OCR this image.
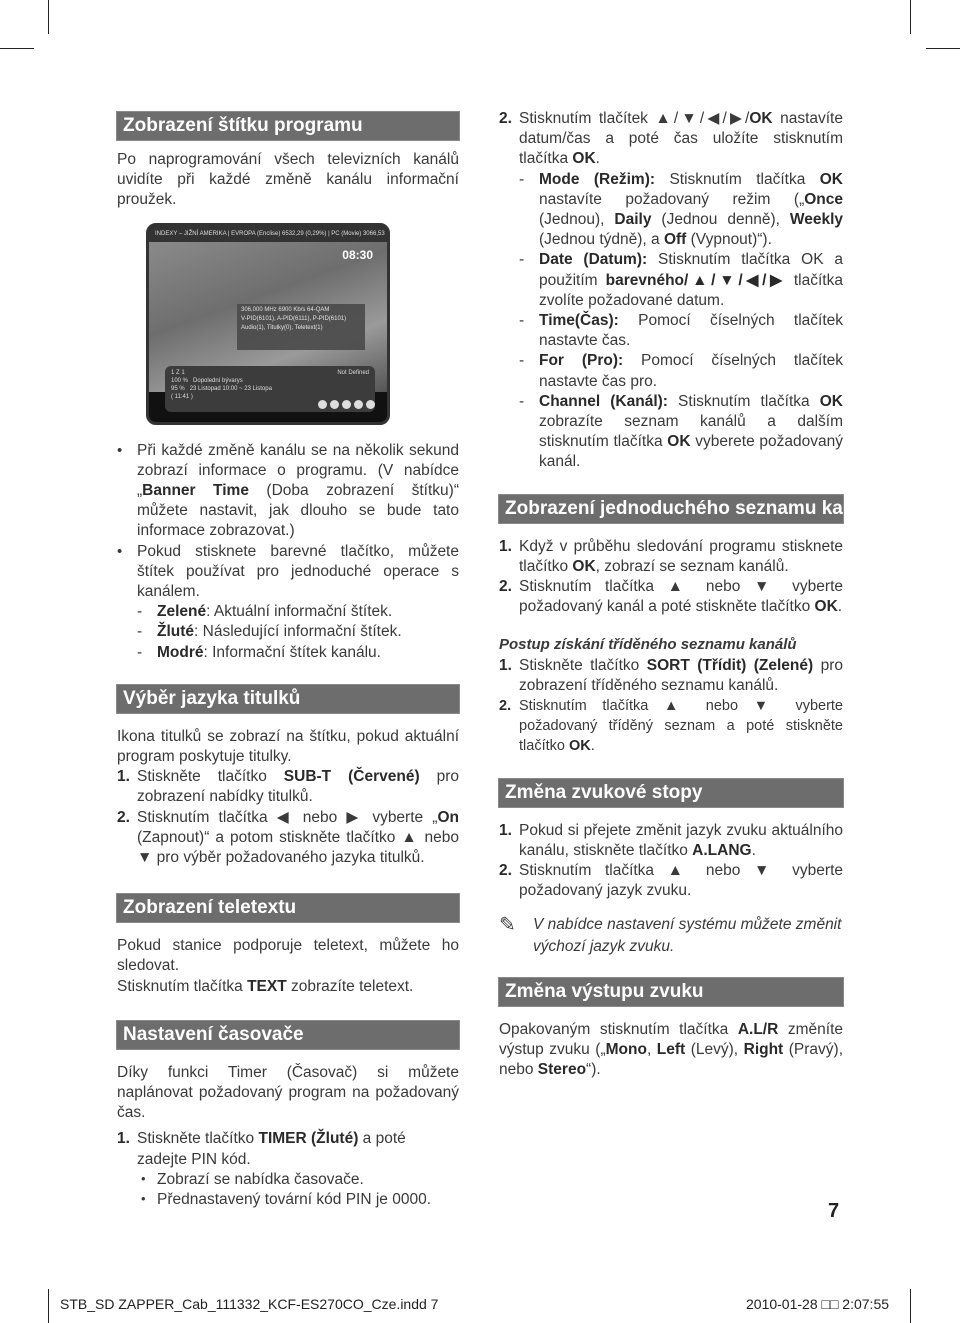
Zobrazení štítku programu

Po naprogramování všech televizních kanálů uvidíte při každé změně kanálu informační proužek.

INDEXY – JIŽNÍ AMERIKA | EVROPA (Enclise) 6532,29 (0,29%) | PC (Movie) 3066,53
08:30
306,000 MHz 6900 Kb/s 64-QAM
V-PID(6101), A-PID(6111), P-PID(6101)
Audio(1), Titulky(0), Teletext(1)
1 Z 1	Not Defined
100 % Dopolední bývarys
95 % 23 Listopad 10:00 ~ 23 Listopa
( 11:41 )

• Při každé změně kanálu se na několik sekund zobrazí informace o programu. (V nabídce „Banner Time (Doba zobrazení štítku)“ můžete nastavit, jak dlouho se bude tato informace zobrazovat.)

• Pokud stisknete barevné tlačítko, můžete štítek používat pro jednoduché operace s kanálem.

- Zelené: Aktuální informační štítek.

- Žluté: Následující informační štítek.

- Modré: Informační štítek kanálu.

Výběr jazyka titulků

Ikona titulků se zobrazí na štítku, pokud aktuální program poskytuje titulky.

1. Stiskněte tlačítko SUB-T (Červené) pro zobrazení nabídky titulků.

2. Stisknutím tlačítka ◀ nebo ▶ vyberte „On (Zapnout)“ a potom stiskněte tlačítko ▲ nebo ▼ pro výběr požadovaného jazyka titulků.

Zobrazení teletextu

Pokud stanice podporuje teletext, můžete ho sledovat.

Stisknutím tlačítka TEXT zobrazíte teletext.

Nastavení časovače

Díky funkci Timer (Časovač) si můžete naplánovat požadovaný program na požadovaný čas.

1. Stiskněte tlačítko TIMER (Žluté) a poté zadejte PIN kód.

• Zobrazí se nabídka časovače.

• Přednastavený tovární kód PIN je 0000.

2. Stisknutím tlačítek ▲/▼/◀/▶/OK nastavíte datum/čas a poté čas uložíte stisknutím tlačítka OK.

- Mode (Režim): Stisknutím tlačítka OK nastavíte požadovaný režim („Once (Jednou), Daily (Jednou denně), Weekly (Jednou týdně), a Off (Vypnout)“).

- Date (Datum): Stisknutím tlačítka OK a použitím barevného/▲/▼/◀/▶ tlačítka zvolíte požadované datum.

- Time(Čas): Pomocí číselných tlačítek nastavte čas.

- For (Pro): Pomocí číselných tlačítek nastavte čas pro.

- Channel (Kanál): Stisknutím tlačítka OK zobrazíte seznam kanálů a dalším stisknutím tlačítka OK vyberete požadovaný kanál.

Zobrazení jednoduchého seznamu kanálů

1. Když v průběhu sledování programu stisknete tlačítko OK, zobrazí se seznam kanálů.

2. Stisknutím tlačítka ▲ nebo ▼ vyberte požadovaný kanál a poté stiskněte tlačítko OK.

Postup získání tříděného seznamu kanálů

1. Stiskněte tlačítko SORT (Třídit) (Zelené) pro zobrazení tříděného seznamu kanálů.

2. Stisknutím tlačítka ▲ nebo ▼ vyberte požadovaný tříděný seznam a poté stiskněte tlačítko OK.

Změna zvukové stopy

1. Pokud si přejete změnit jazyk zvuku aktuálního kanálu, stiskněte tlačítko A.LANG.

2. Stisknutím tlačítka ▲ nebo ▼ vyberte požadovaný jazyk zvuku.

✎ V nabídce nastavení systému můžete změnit výchozí jazyk zvuku.
Změna výstupu zvuku

Opakovaným stisknutím tlačítka A.L/R změníte výstup zvuku („Mono, Left (Levý), Right (Pravý), nebo Stereo“).

7
STB_SD ZAPPER_Cab_111332_KCF-ES270CO_Cze.indd 7	2010-01-28 □□ 2:07:55
